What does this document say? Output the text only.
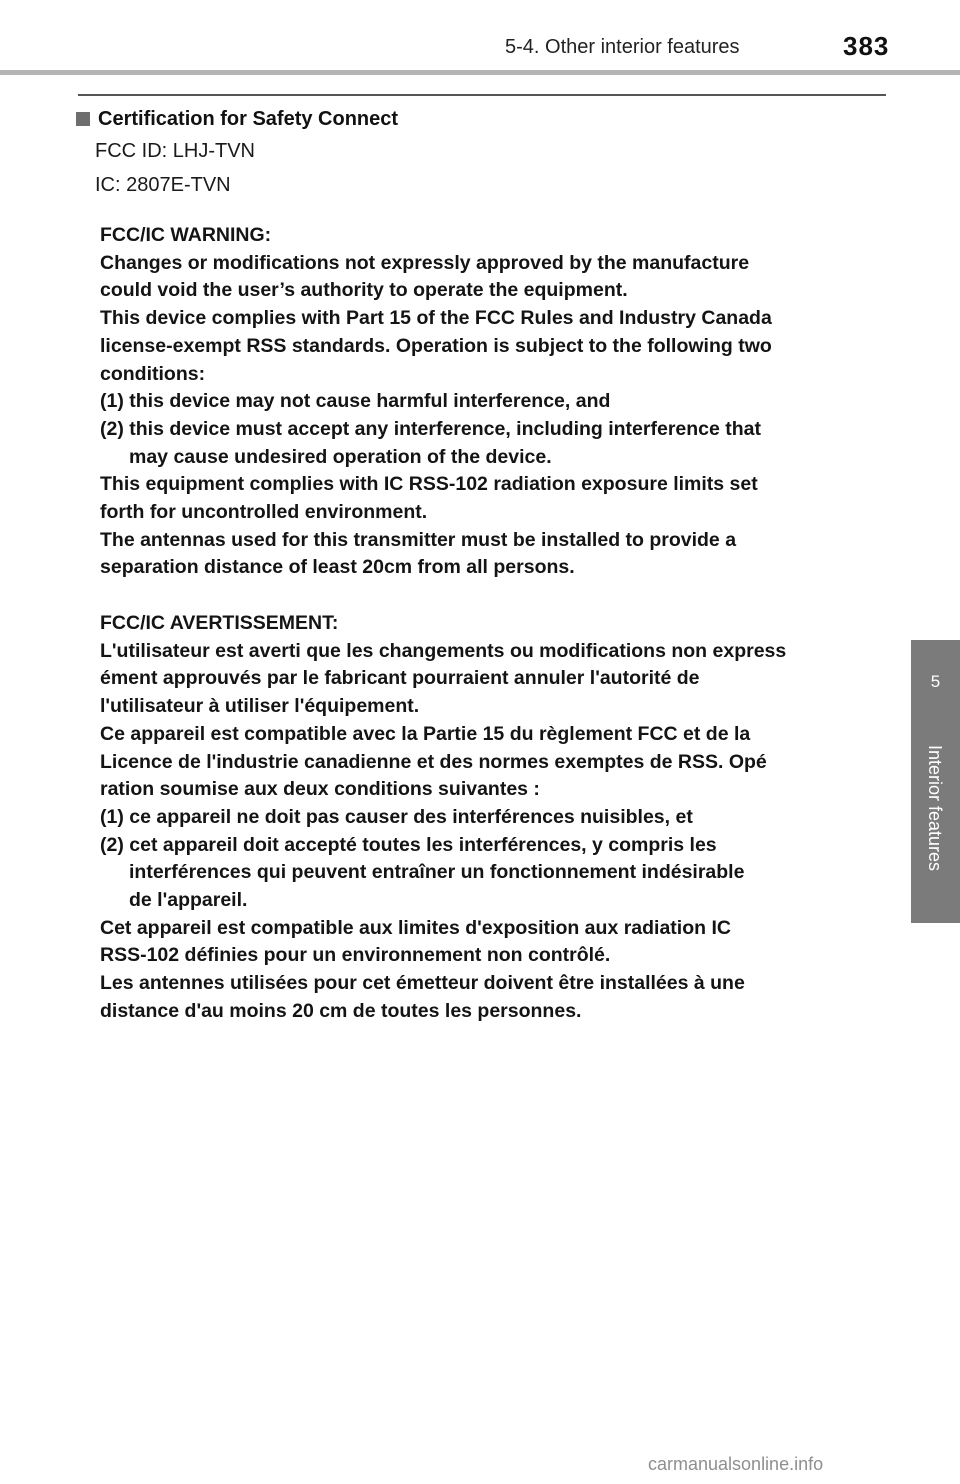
5-4. Other interior features	383
5
Interior features
Certification for Safety Connect
FCC ID: LHJ-TVN
IC: 2807E-TVN

FCC/IC WARNING:

Changes or modifications not expressly approved by the manufacture

could void the user’s authority to operate the equipment.

This device complies with Part 15 of the FCC Rules and Industry Canada

license-exempt RSS standards. Operation is subject to the following two

conditions:

(1) this device may not cause harmful interference, and

(2) this device must accept any interference, including interference that

may cause undesired operation of the device.

This equipment complies with IC RSS-102 radiation exposure limits set

forth for uncontrolled environment.

The antennas used for this transmitter must be installed to provide a

separation distance of least 20cm from all persons.

FCC/IC AVERTISSEMENT:

L'utilisateur est averti que les changements ou modifications non express

ément approuvés par le fabricant pourraient annuler l'autorité de

l'utilisateur à utiliser l'équipement.

Ce appareil est compatible avec la Partie 15 du règlement FCC et de la

Licence de l'industrie canadienne et des normes exemptes de RSS. Opé

ration soumise aux deux conditions suivantes :

(1) ce appareil ne doit pas causer des interférences nuisibles, et

(2) cet appareil doit accepté toutes les interférences, y compris les

interférences qui peuvent entraîner un fonctionnement indésirable

de l'appareil.

Cet appareil est compatible aux limites d'exposition aux radiation IC

RSS-102 définies pour un environnement non contrôlé.

Les antennes utilisées pour cet émetteur doivent être installées à une

distance d'au moins 20 cm de toutes les personnes.

carmanualsonline.info
